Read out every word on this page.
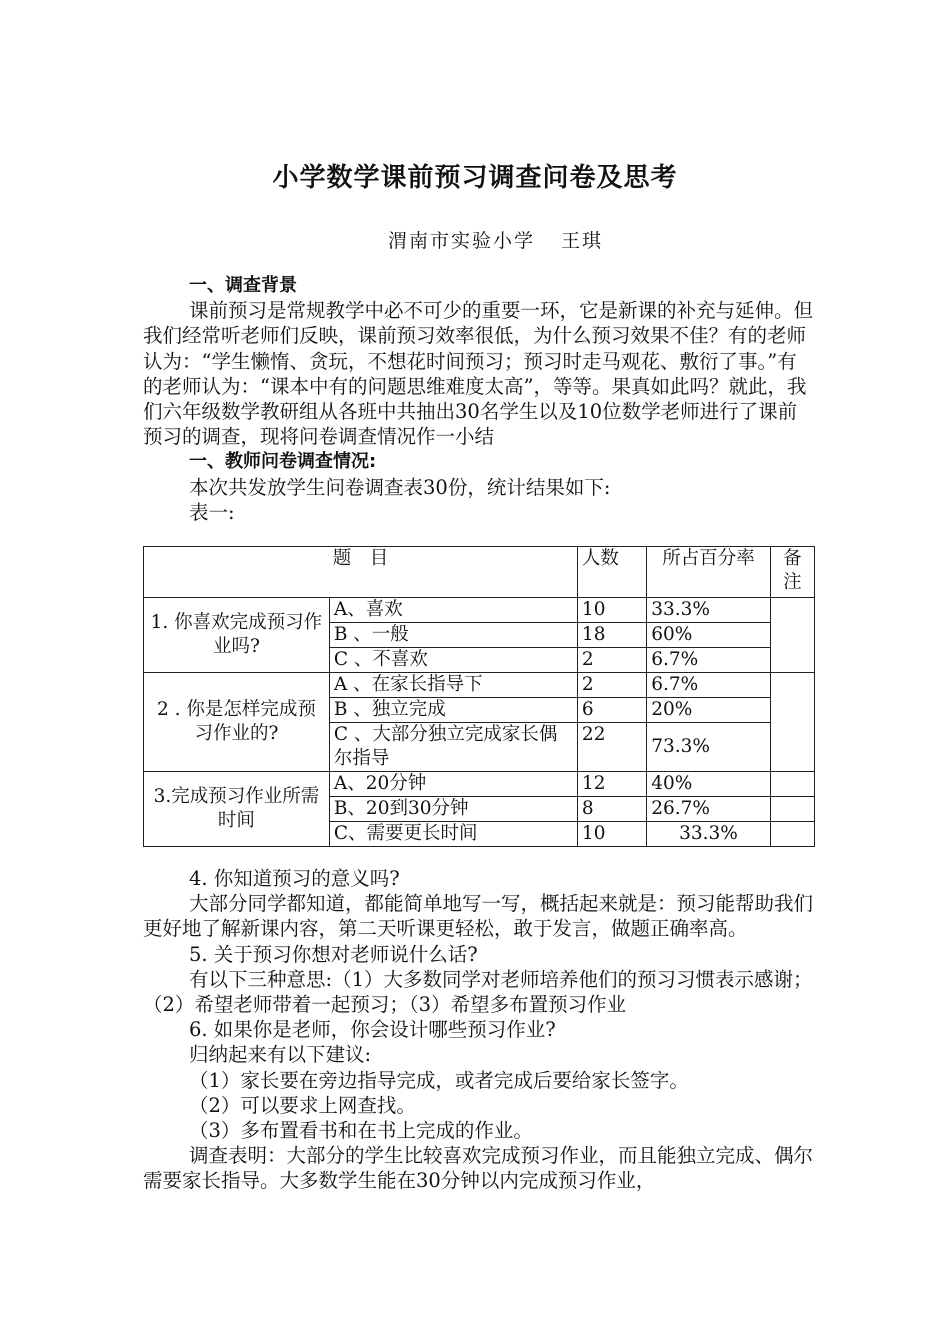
小学数学课前预习调查问卷及思考
渭南市实验小学 王琪

一、调查背景

课前预习是常规教学中必不可少的重要一环，它是新课的补充与延伸。但我们经常听老师们反映，课前预习效率很低，为什么预习效果不佳？有的老师认为：“学生懒惰、贪玩，不想花时间预习；预习时走马观花、敷衍了事。”有的老师认为：“课本中有的问题思维难度太高”，等等。果真如此吗？就此，我们六年级数学教研组从各班中共抽出30名学生以及10位数学老师进行了课前预习的调查，现将问卷调查情况作一小结

一、教师问卷调查情况:

本次共发放学生问卷调查表30份，统计结果如下:

表一:

题　目		人数	所占百分率	备注
1. 你喜欢完成预习作业吗?	A、喜欢	10	33.3%	
	B 、一般	18	60%	
	C 、不喜欢	2	6.7%	
2 . 你是怎样完成预习作业的?	A 、在家长指导下	2	6.7%	
	B 、独立完成	6	20%	
	C 、大部分独立完成家长偶尔指导	22	73.3%	
3.完成预习作业所需时间	A、20分钟	12	40%	
	B、20到30分钟	8	26.7%	
	C、需要更长时间	10	33.3%	

4. 你知道预习的意义吗?

大部分同学都知道，都能简单地写一写，概括起来就是：预习能帮助我们更好地了解新课内容，第二天听课更轻松，敢于发言，做题正确率高。

5. 关于预习你想对老师说什么话?

有以下三种意思:（1）大多数同学对老师培养他们的预习习惯表示感谢；（2）希望老师带着一起预习；（3）希望多布置预习作业

6. 如果你是老师，你会设计哪些预习作业?

归纳起来有以下建议:

（1）家长要在旁边指导完成，或者完成后要给家长签字。

（2）可以要求上网查找。

（3）多布置看书和在书上完成的作业。

调查表明：大部分的学生比较喜欢完成预习作业，而且能独立完成、偶尔需要家长指导。大多数学生能在30分钟以内完成预习作业，
